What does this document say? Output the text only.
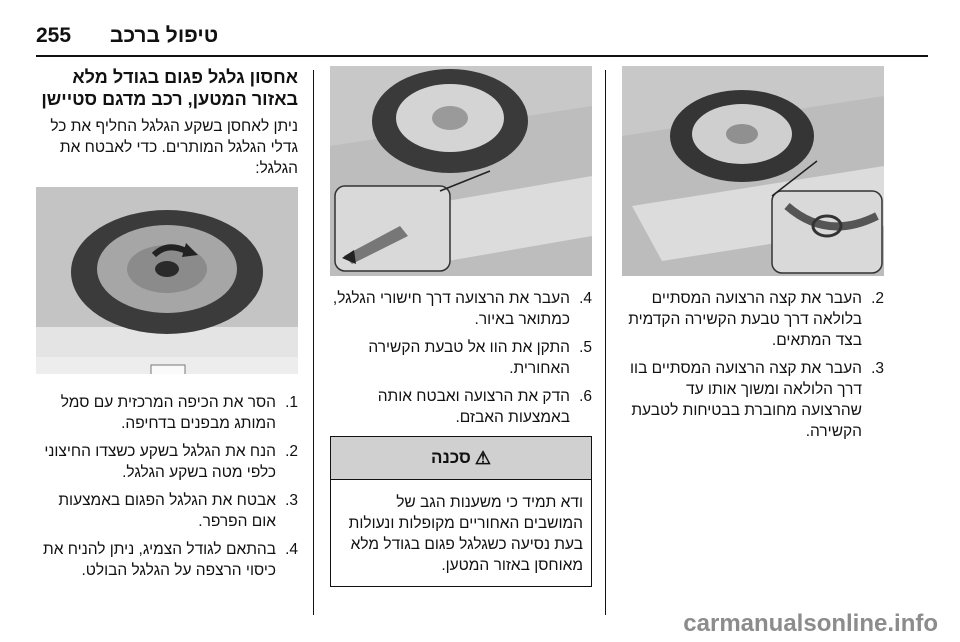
255 טיפול ברכב
אחסון גלגל פגום בגודל מלא באזור המטען, רכב מדגם סטיישן
ניתן לאחסן בשקע הגלגל החליף את כל גדלי הגלגל המותרים. כדי לאבטח את הגלגל:
1.
הסר את הכיפה המרכזית עם סמל המותג מבפנים בדחיפה.
2.
הנח את הגלגל בשקע כשצדו החיצוני כלפי מטה בשקע הגלגל.
3.
אבטח את הגלגל הפגום באמצעות אום הפרפר.
4.
בהתאם לגודל הצמיג, ניתן להניח את כיסוי הרצפה על הגלגל הבולט.
4.
העבר את הרצועה דרך חישורי הגלגל, כמתואר באיור.
5.
התקן את הוו אל טבעת הקשירה האחורית.
6.
הדק את הרצועה ואבטח אותה באמצעות האבזם.
⚠
סכנה
ודא תמיד כי משענות הגב של המושבים האחוריים מקופלות ונעולות בעת נסיעה כשגלגל פגום בגודל מלא מאוחסן באזור המטען.
2.
העבר את קצה הרצועה המסתיים בלולאה דרך טבעת הקשירה הקדמית בצד המתאים.
3.
העבר את קצה הרצועה המסתיים בוו דרך הלולאה ומשוך אותו עד שהרצועה מחוברת בבטיחות לטבעת הקשירה.
carmanualsonline.info
